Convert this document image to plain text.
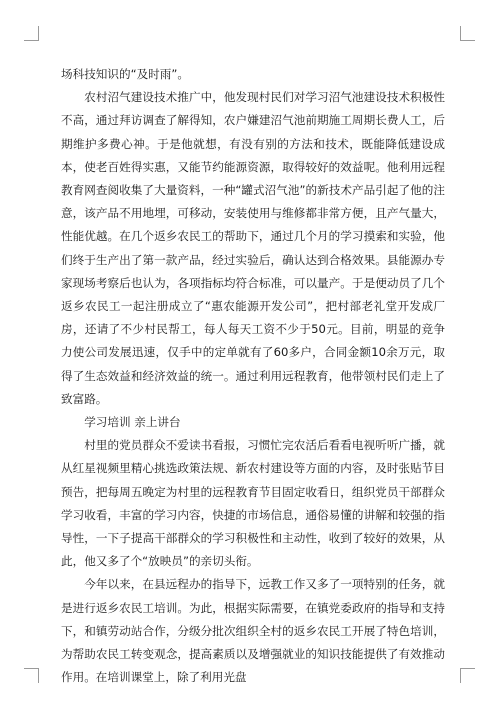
场科技知识的“及时雨”。

农村沼气建设技术推广中，他发现村民们对学习沼气池建设技术积极性不高，通过拜访调查了解得知，农户嫌建沼气池前期施工周期长费人工，后期维护多费心神。于是他就想，有没有别的方法和技术，既能降低建设成本，使老百姓得实惠，又能节约能源资源，取得较好的效益呢。他利用远程教育网查阅收集了大量资料，一种“罐式沼气池”的新技术产品引起了他的注意，该产品不用地埋，可移动，安装使用与维修都非常方便，且产气量大，性能优越。在几个返乡农民工的帮助下，通过几个月的学习摸索和实验，他们终于生产出了第一款产品，经过实验后，确认达到合格效果。县能源办专家现场考察后也认为，各项指标均符合标准，可以量产。于是便动员了几个返乡农民工一起注册成立了“惠农能源开发公司”，把村部老礼堂开发成厂房，还请了不少村民帮工，每人每天工资不少于50元。目前，明显的竞争力使公司发展迅速，仅手中的定单就有了60多户，合同金额10余万元，取得了生态效益和经济效益的统一。通过利用远程教育，他带领村民们走上了致富路。

学习培训 亲上讲台

村里的党员群众不爱读书看报，习惯忙完农活后看看电视听听广播，就从红星视频里精心挑选政策法规、新农村建设等方面的内容，及时张贴节目预告，把每周五晚定为村里的远程教育节目固定收看日，组织党员干部群众学习收看，丰富的学习内容，快捷的市场信息，通俗易懂的讲解和较强的指导性，一下子提高干部群众的学习积极性和主动性，收到了较好的效果，从此，他又多了个“放映员”的亲切头衔。

今年以来，在县远程办的指导下，远教工作又多了一项特别的任务，就是进行返乡农民工培训。为此，根据实际需要，在镇党委政府的指导和支持下，和镇劳动站合作，分级分批次组织全村的返乡农民工开展了特色培训，为帮助农民工转变观念，提高素质以及增强就业的知识技能提供了有效推动作用。在培训课堂上，除了利用光盘
